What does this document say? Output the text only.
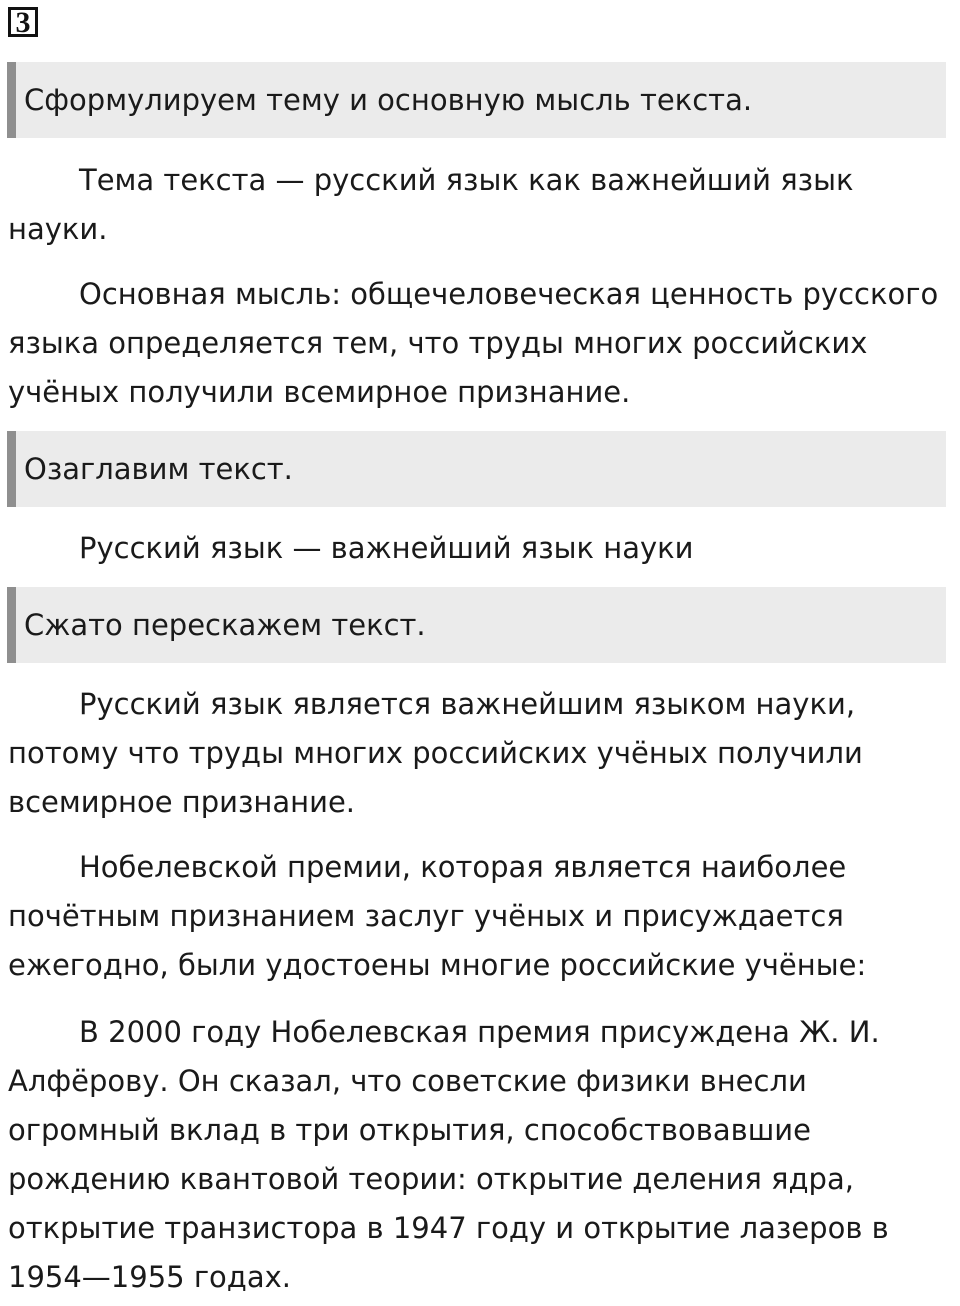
3
Сформулируем тему и основную мысль текста.

Тема текста — русский язык как важнейший язык
науки.

Основная мысль: общечеловеческая ценность русского
языка определяется тем, что труды многих российских
учёных получили всемирное признание.

Озаглавим текст.

Русский язык — важнейший язык науки

Сжато перескажем текст.

Русский язык является важнейшим языком науки,
потому что труды многих российских учёных получили
всемирное признание.

Нобелевской премии, которая является наиболее
почётным признанием заслуг учёных и присуждается
ежегодно, были удостоены многие российские учёные:

В 2000 году Нобелевская премия присуждена Ж. И.
Алфёрову. Он сказал, что советские физики внесли
огромный вклад в три открытия, способствовавшие
рождению квантовой теории: открытие деления ядра,
открытие транзистора в 1947 году и открытие лазеров в
1954—1955 годах.
